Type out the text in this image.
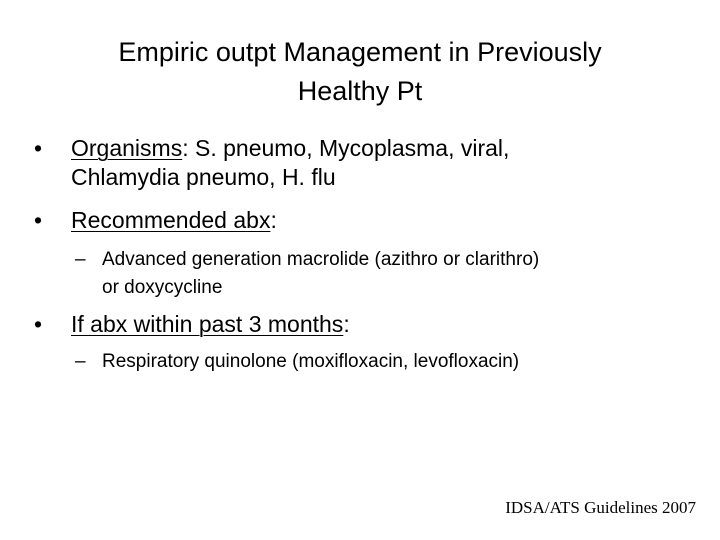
Empiric outpt Management in Previously
Healthy Pt
• Organisms: S. pneumo, Mycoplasma, viral,
Chlamydia pneumo, H. flu
• Recommended abx:
– Advanced generation macrolide (azithro or clarithro)
or doxycycline
• If abx within past 3 months:
– Respiratory quinolone (moxifloxacin, levofloxacin)
IDSA/ATS Guidelines 2007
